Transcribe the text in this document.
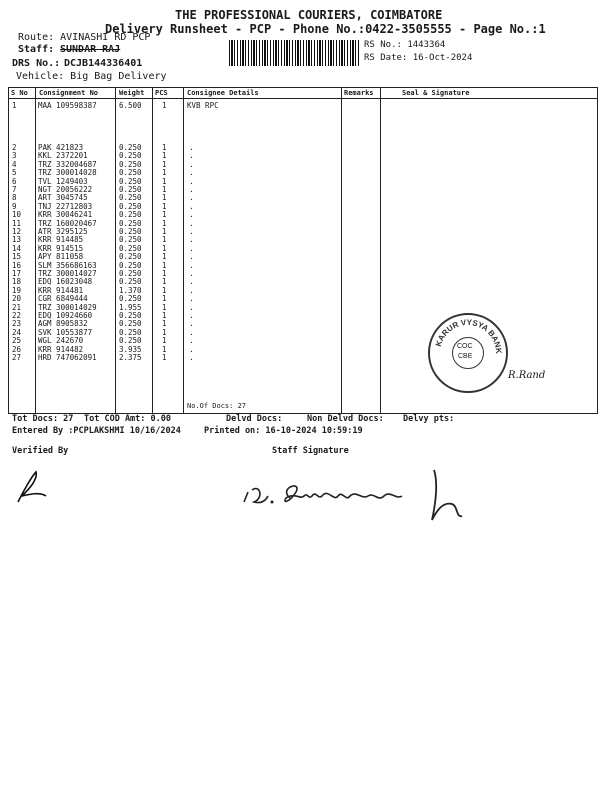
THE PROFESSIONAL COURIERS, COIMBATORE
Delivery Runsheet - PCP - Phone No.:0422-3505555 - Page No.:1
Route: AVINASHI RD PCP
Staff: SUNDAR RAJ
DRS No.: DCJB144336401
Vehicle: Big Bag Delivery
RS No.: 1443364
RS Date: 16-Oct-2024
S No Consignment No	Weight PCS	Consignee Details	Remarks	Seal & Signature
1	MAA 109598387	6.500	1	KVB RPC
2	PAK 421823	0.250	1	.
3	KKL 2372201	0.250	1	.
4	TRZ 332004687	0.250	1	.
5	TRZ 300014028	0.250	1	.
6	TVL 1249403	0.250	1	.
7	NGT 20056222	0.250	1	.
8	ART 3045745	0.250	1	.
9	TNJ 22712803	0.250	1	.
10 KRR 30046241	0.250	1	.
11 TRZ 160020467	0.250	1	.
12 ATR 3295125	0.250	1	.
13 KRR 914485	0.250	1	.
14 KRR 914515	0.250	1	.
15 APY 811058	0.250	1	.
16 SLM 356686163	0.250	1	.
17 TRZ 300014027	0.250	1	.
18 EDQ 16023048	0.250	1	.
19 KRR 914481	1.370	1	.
20 CGR 6849444	0.250	1	.
21 TRZ 300014029	1.955	1	.
22 EDQ 10924660	0.250	1	.
23 AGM 8905832	0.250	1	.
24 SVK 10553877	0.250	1	.
25 WGL 242670	0.250	1	.
26 KRR 914482	3.935	1	.
27 HRD 747062091	2.375	1	.
No.Of Docs: 27
KARUR VYSYA BANK
COC
CBE
R.Rand
Tot Docs: 27 Tot COD Amt: 0.00	Delvd Docs:	Non Delvd Docs: Delvy pts:
Entered By :PCPLAKSHMI 10/16/2024	Printed on: 16-10-2024 10:59:19
Verified By	Staff Signature
